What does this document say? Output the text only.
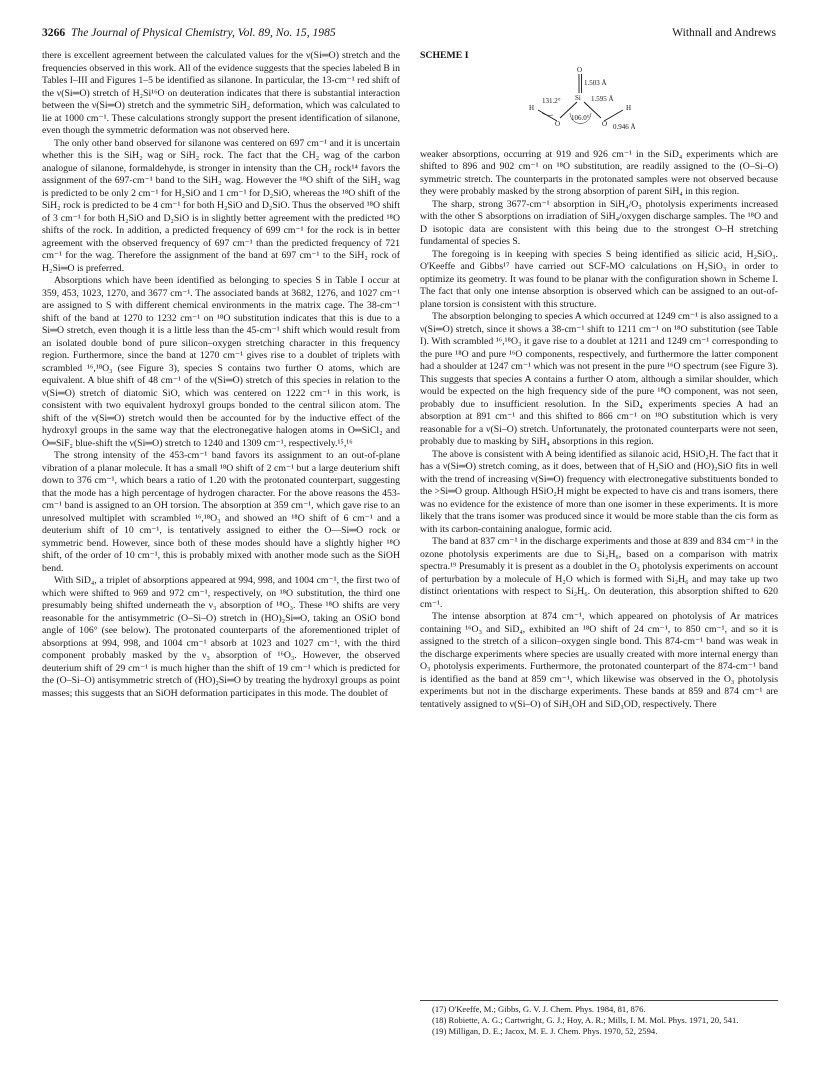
3266 The Journal of Physical Chemistry, Vol. 89, No. 15, 1985	Withnall and Andrews

there is excellent agreement between the calculated values for the ν(Si═O) stretch and the frequencies observed in this work. All of the evidence suggests that the species labeled B in Tables I–III and Figures 1–5 be identified as silanone. In particular, the 13-cm⁻¹ red shift of the ν(Si═O) stretch of H₂Si¹⁶O on deuteration indicates that there is substantial interaction between the ν(Si═O) stretch and the symmetric SiH₂ deformation, which was calculated to lie at 1000 cm⁻¹. These calculations strongly support the present identification of silanone, even though the symmetric deformation was not observed here.

The only other band observed for silanone was centered on 697 cm⁻¹ and it is uncertain whether this is the SiH₂ wag or SiH₂ rock. The fact that the CH₂ wag of the carbon analogue of silanone, formaldehyde, is stronger in intensity than the CH₂ rock¹⁴ favors the assignment of the 697-cm⁻¹ band to the SiH₂ wag. However the ¹⁸O shift of the SiH₂ wag is predicted to be only 2 cm⁻¹ for H₂SiO and 1 cm⁻¹ for D₂SiO, whereas the ¹⁸O shift of the SiH₂ rock is predicted to be 4 cm⁻¹ for both H₂SiO and D₂SiO. Thus the observed ¹⁸O shift of 3 cm⁻¹ for both H₂SiO and D₂SiO is in slightly better agreement with the predicted ¹⁸O shifts of the rock. In addition, a predicted frequency of 699 cm⁻¹ for the rock is in better agreement with the observed frequency of 697 cm⁻¹ than the predicted frequency of 721 cm⁻¹ for the wag. Therefore the assignment of the band at 697 cm⁻¹ to the SiH₂ rock of H₂Si═O is preferred.

Absorptions which have been identified as belonging to species S in Table I occur at 359, 453, 1023, 1270, and 3677 cm⁻¹. The associated bands at 3682, 1276, and 1027 cm⁻¹ are assigned to S with different chemical environments in the matrix cage. The 38-cm⁻¹ shift of the band at 1270 to 1232 cm⁻¹ on ¹⁸O substitution indicates that this is due to a Si═O stretch, even though it is a little less than the 45-cm⁻¹ shift which would result from an isolated double bond of pure silicon–oxygen stretching character in this frequency region. Furthermore, since the band at 1270 cm⁻¹ gives rise to a doublet of triplets with scrambled ¹⁶,¹⁸O₃ (see Figure 3), species S contains two further O atoms, which are equivalent. A blue shift of 48 cm⁻¹ of the ν(Si═O) stretch of this species in relation to the ν(Si═O) stretch of diatomic SiO, which was centered on 1222 cm⁻¹ in this work, is consistent with two equivalent hydroxyl groups bonded to the central silicon atom. The shift of the ν(Si═O) stretch would then be accounted for by the inductive effect of the hydroxyl groups in the same way that the electronegative halogen atoms in O═SiCl₂ and O═SiF₂ blue-shift the ν(Si═O) stretch to 1240 and 1309 cm⁻¹, respectively.¹⁵,¹⁶

The strong intensity of the 453-cm⁻¹ band favors its assignment to an out-of-plane vibration of a planar molecule. It has a small ¹⁸O shift of 2 cm⁻¹ but a large deuterium shift down to 376 cm⁻¹, which bears a ratio of 1.20 with the protonated counterpart, suggesting that the mode has a high percentage of hydrogen character. For the above reasons the 453-cm⁻¹ band is assigned to an OH torsion. The absorption at 359 cm⁻¹, which gave rise to an unresolved multiplet with scrambled ¹⁶,¹⁸O₃ and showed an ¹⁸O shift of 6 cm⁻¹ and a deuterium shift of 10 cm⁻¹, is tentatively assigned to either the O—Si═O rock or symmetric bend. However, since both of these modes should have a slightly higher ¹⁸O shift, of the order of 10 cm⁻¹, this is probably mixed with another mode such as the SiOH bend.

With SiD₄, a triplet of absorptions appeared at 994, 998, and 1004 cm⁻¹, the first two of which were shifted to 969 and 972 cm⁻¹, respectively, on ¹⁸O substitution, the third one presumably being shifted underneath the ν₃ absorption of ¹⁸O₃. These ¹⁸O shifts are very reasonable for the antisymmetric (O–Si–O) stretch in (HO)₂Si═O, taking an OSiO bond angle of 106° (see below). The protonated counterparts of the aforementioned triplet of absorptions at 994, 998, and 1004 cm⁻¹ absorb at 1023 and 1027 cm⁻¹, with the third component probably masked by the ν₃ absorption of ¹⁶O₃. However, the observed deuterium shift of 29 cm⁻¹ is much higher than the shift of 19 cm⁻¹ which is predicted for the (O–Si–O) antisymmetric stretch of (HO)₂Si═O by treating the hydroxyl groups as point masses; this suggests that an SiOH deformation participates in this mode. The doublet of

SCHEME I

O
Si
H	H
O	O
1.503 Å
1.595 Å
0.946 Å
131.2°
106.0°

weaker absorptions, occurring at 919 and 926 cm⁻¹ in the SiD₄ experiments which are shifted to 896 and 902 cm⁻¹ on ¹⁸O substitution, are readily assigned to the (O–Si–O) symmetric stretch. The counterparts in the protonated samples were not observed because they were probably masked by the strong absorption of parent SiH₄ in this region.

The sharp, strong 3677-cm⁻¹ absorption in SiH₄/O₃ photolysis experiments increased with the other S absorptions on irradiation of SiH₄/oxygen discharge samples. The ¹⁸O and D isotopic data are consistent with this being due to the strongest O–H stretching fundamental of species S.

The foregoing is in keeping with species S being identified as silicic acid, H₂SiO₃. O'Keeffe and Gibbs¹⁷ have carried out SCF-MO calculations on H₂SiO₃ in order to optimize its geometry. It was found to be planar with the configuration shown in Scheme I. The fact that only one intense absorption is observed which can be assigned to an out-of-plane torsion is consistent with this structure.

The absorption belonging to species A which occurred at 1249 cm⁻¹ is also assigned to a ν(Si═O) stretch, since it shows a 38-cm⁻¹ shift to 1211 cm⁻¹ on ¹⁸O substitution (see Table I). With scrambled ¹⁶,¹⁸O₃ it gave rise to a doublet at 1211 and 1249 cm⁻¹ corresponding to the pure ¹⁸O and pure ¹⁶O components, respectively, and furthermore the latter component had a shoulder at 1247 cm⁻¹ which was not present in the pure ¹⁶O spectrum (see Figure 3). This suggests that species A contains a further O atom, although a similar shoulder, which would be expected on the high frequency side of the pure ¹⁸O component, was not seen, probably due to insufficient resolution. In the SiD₄ experiments species A had an absorption at 891 cm⁻¹ and this shifted to 866 cm⁻¹ on ¹⁸O substitution which is very reasonable for a ν(Si–O) stretch. Unfortunately, the protonated counterparts were not seen, probably due to masking by SiH₄ absorptions in this region.

The above is consistent with A being identified as silanoic acid, HSiO₂H. The fact that it has a ν(Si═O) stretch coming, as it does, between that of H₂SiO and (HO)₂SiO fits in well with the trend of increasing ν(Si═O) frequency with electronegative substituents bonded to the >Si═O group. Although HSiO₂H might be expected to have cis and trans isomers, there was no evidence for the existence of more than one isomer in these experiments. It is more likely that the trans isomer was produced since it would be more stable than the cis form as with its carbon-containing analogue, formic acid.

The band at 837 cm⁻¹ in the discharge experiments and those at 839 and 834 cm⁻¹ in the ozone photolysis experiments are due to Si₂H₆, based on a comparison with matrix spectra.¹⁹ Presumably it is present as a doublet in the O₃ photolysis experiments on account of perturbation by a molecule of H₂O which is formed with Si₂H₆ and may take up two distinct orientations with respect to Si₂H₆. On deuteration, this absorption shifted to 620 cm⁻¹.

The intense absorption at 874 cm⁻¹, which appeared on photolysis of Ar matrices containing ¹⁶O₃ and SiD₄, exhibited an ¹⁸O shift of 24 cm⁻¹, to 850 cm⁻¹, and so it is assigned to the stretch of a silicon–oxygen single bond. This 874-cm⁻¹ band was weak in the discharge experiments where species are usually created with more internal energy than O₃ photolysis experiments. Furthermore, the protonated counterpart of the 874-cm⁻¹ band is identified as the band at 859 cm⁻¹, which likewise was observed in the O₃ photolysis experiments but not in the discharge experiments. These bands at 859 and 874 cm⁻¹ are tentatively assigned to ν(Si–O) of SiH₃OH and SiD₃OD, respectively. There

(17) O'Keeffe, M.; Gibbs, G. V. J. Chem. Phys. 1984, 81, 876.
(18) Robiette, A. G.; Cartwright, G. J.; Hoy, A. R.; Mills, I. M. Mol. Phys. 1971, 20, 541.
(19) Milligan, D. E.; Jacox, M. E. J. Chem. Phys. 1970, 52, 2594.
